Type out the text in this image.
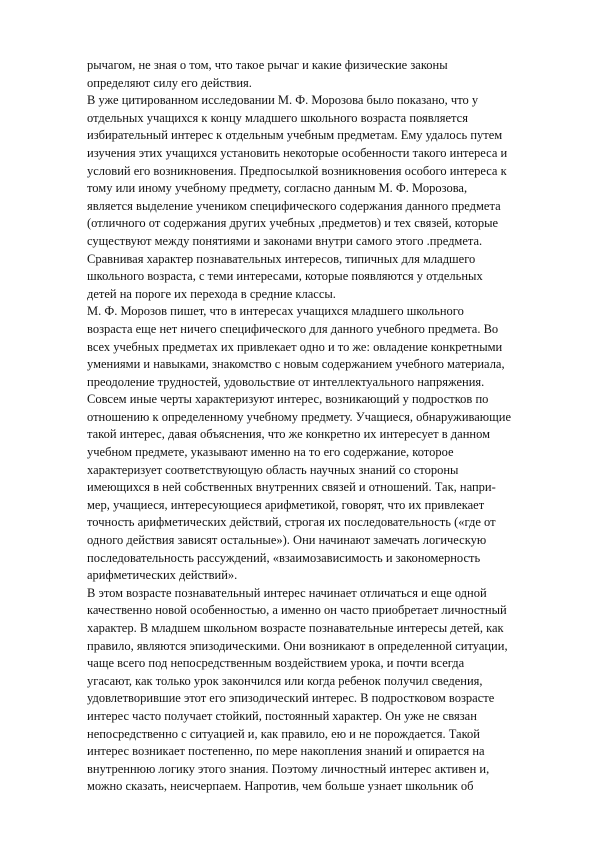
рычагом, не зная о том, что такое рычаг и какие физические законы
определяют силу его действия.
В уже цитированном исследовании М. Ф. Морозова было показано, что у
отдельных учащихся к концу младшего школьного возраста появляется
избирательный интерес к отдельным учебным предметам. Ему удалось путем
изучения этих учащихся установить некоторые особенности такого интереса и
условий его возникновения. Предпосылкой возникновения особого интереса к
тому или иному учебному предмету, согласно данным М. Ф. Морозова,
является выделение учеником специфического содержания данного предмета
(отличного от содержания других учебных ,предметов) и тех связей, которые
существуют между понятиями и законами внутри самого этого .предмета.
Сравнивая характер познавательных интересов, типичных для младшего
школьного возраста, с теми интересами, которые появляются у отдельных
детей на пороге их перехода в средние классы.
М. Ф. Морозов пишет, что в интересах учащихся младшего школьного
возраста еще нет ничего специфического для данного учебного предмета. Во
всех учебных предметах их привлекает одно и то же: овладение конкретными
умениями и навыками, знакомство с новым содержанием учебного материала,
преодоление трудностей, удовольствие от интеллектуального напряжения.
Совсем иные черты характеризуют интерес, возникающий у подростков по
отношению к определенному учебному предмету. Учащиеся, обнаруживающие
такой интерес, давая объяснения, что же конкретно их интересует в данном
учебном предмете, указывают именно на то его содержание, которое
характеризует соответствующую область научных знаний со стороны
имеющихся в ней собственных внутренних связей и отношений. Так, напри-
мер, учащиеся, интересующиеся арифметикой, говорят, что их привлекает
точность арифметических действий, строгая их последовательность («где от
одного действия зависят остальные»). Они начинают замечать логическую
последовательность рассуждений, «взаимозависимость и закономерность
арифметических действий».
В этом возрасте познавательный интерес начинает отличаться и еще одной
качественно новой особенностью, а именно он часто приобретает личностный
характер. В младшем школьном возрасте познавательные интересы детей, как
правило, являются эпизодическими. Они возникают в определенной ситуации,
чаще всего под непосредственным воздействием урока, и почти всегда
угасают, как только урок закончился или когда ребенок получил сведения,
удовлетворившие этот его эпизодический интерес. В подростковом возрасте
интерес часто получает стойкий, постоянный характер. Он уже не связан
непосредственно с ситуацией и, как правило, ею и не порождается. Такой
интерес возникает постепенно, по мере накопления знаний и опирается на
внутреннюю логику этого знания. Поэтому личностный интерес активен и,
можно сказать, неисчерпаем. Напротив, чем больше узнает школьник об
